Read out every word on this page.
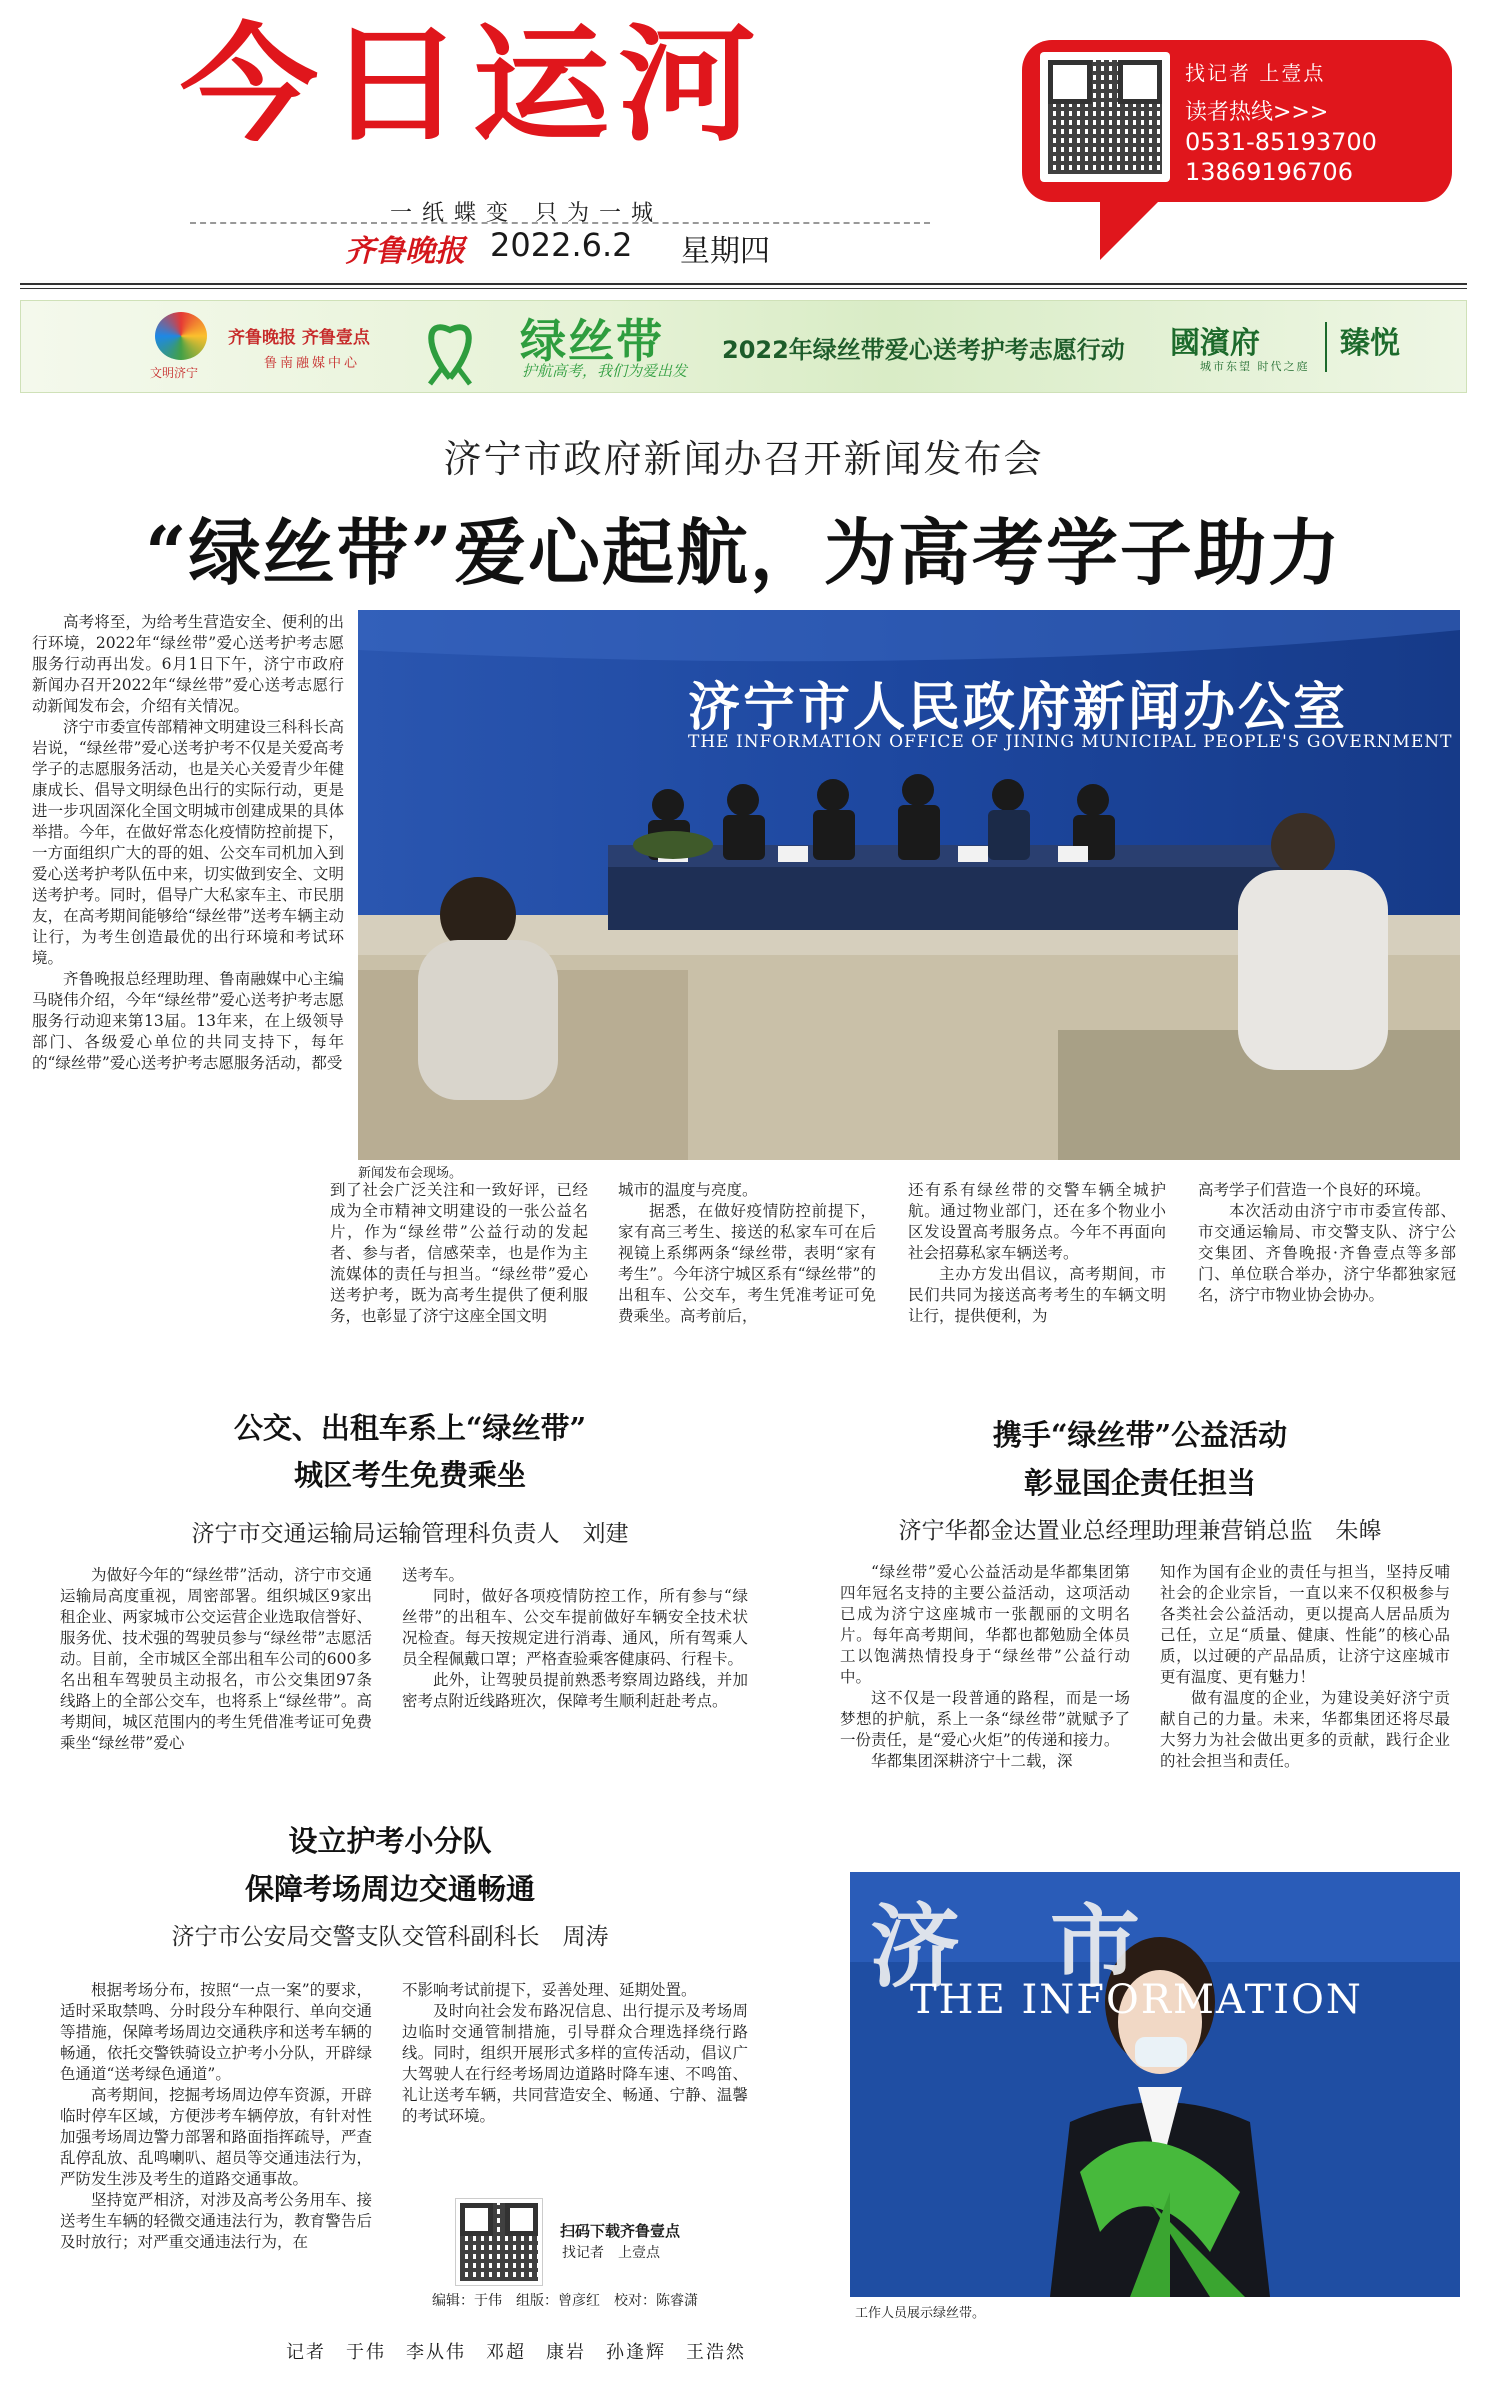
今日运河
一纸蝶变 只为一城
齐鲁晚报 2022.6.2 星期四
找记者 上壹点
读者热线>>>
0531-85193700
13869196706
文明济宁
齐鲁晚报 齐鲁壹点
鲁南融媒中心	绿丝带
护航高考，我们为爱出发
2022年绿丝带爱心送考护考志愿行动 國濱府
城市东望 时代之庭
臻悦
济宁市政府新闻办召开新闻发布会
“绿丝带”爱心起航，为高考学子助力

高考将至，为给考生营造安全、便利的出行环境，2022年“绿丝带”爱心送考护考志愿服务行动再出发。6月1日下午，济宁市政府新闻办召开2022年“绿丝带”爱心送考志愿行动新闻发布会，介绍有关情况。

济宁市委宣传部精神文明建设三科科长高岩说，“绿丝带”爱心送考护考不仅是关爱高考学子的志愿服务活动，也是关心关爱青少年健康成长、倡导文明绿色出行的实际行动，更是进一步巩固深化全国文明城市创建成果的具体举措。今年，在做好常态化疫情防控前提下，一方面组织广大的哥的姐、公交车司机加入到爱心送考护考队伍中来，切实做到安全、文明送考护考。同时，倡导广大私家车主、市民朋友，在高考期间能够给“绿丝带”送考车辆主动让行，为考生创造最优的出行环境和考试环境。

齐鲁晚报总经理助理、鲁南融媒中心主编马晓伟介绍，今年“绿丝带”爱心送考护考志愿服务行动迎来第13届。13年来，在上级领导部门、各级爱心单位的共同支持下，每年的“绿丝带”爱心送考护考志愿服务活动，都受

济宁市人民政府新闻办公室
THE INFORMATION OFFICE OF JINING MUNICIPAL PEOPLE'S GOVERNMENT
新闻发布会现场。

到了社会广泛关注和一致好评，已经成为全市精神文明建设的一张公益名片，作为“绿丝带”公益行动的发起者、参与者，信感荣幸，也是作为主流媒体的责任与担当。“绿丝带”爱心送考护考，既为高考生提供了便利服务，也彰显了济宁这座全国文明

城市的温度与亮度。

据悉，在做好疫情防控前提下，家有高三考生、接送的私家车可在后视镜上系绑两条“绿丝带，表明“家有考生”。今年济宁城区系有“绿丝带”的出租车、公交车，考生凭准考证可免费乘坐。高考前后，

还有系有绿丝带的交警车辆全城护航。通过物业部门，还在多个物业小区发设置高考服务点。今年不再面向社会招募私家车辆送考。

主办方发出倡议，高考期间，市民们共同为接送高考考生的车辆文明让行，提供便利，为

高考学子们营造一个良好的环境。

本次活动由济宁市市委宣传部、市交通运输局、市交警支队、济宁公交集团、齐鲁晚报·齐鲁壹点等多部门、单位联合举办，济宁华都独家冠名，济宁市物业协会协办。

公交、出租车系上“绿丝带”
城区考生免费乘坐
济宁市交通运输局运输管理科负责人　刘建

为做好今年的“绿丝带”活动，济宁市交通运输局高度重视，周密部署。组织城区9家出租企业、两家城市公交运营企业选取信誉好、服务优、技术强的驾驶员参与“绿丝带”志愿活动。目前，全市城区全部出租车公司的600多名出租车驾驶员主动报名，市公交集团97条线路上的全部公交车，也将系上“绿丝带”。高考期间，城区范围内的考生凭借准考证可免费乘坐“绿丝带”爱心

送考车。

同时，做好各项疫情防控工作，所有参与“绿丝带”的出租车、公交车提前做好车辆安全技术状况检查。每天按规定进行消毒、通风，所有驾乘人员全程佩戴口罩；严格查验乘客健康码、行程卡。

此外，让驾驶员提前熟悉考察周边路线，并加密考点附近线路班次，保障考生顺利赶赴考点。

设立护考小分队
保障考场周边交通畅通
济宁市公安局交警支队交管科副科长　周涛

根据考场分布，按照“一点一案”的要求，适时采取禁鸣、分时段分车种限行、单向交通等措施，保障考场周边交通秩序和送考车辆的畅通，依托交警铁骑设立护考小分队，开辟绿色通道“送考绿色通道”。

高考期间，挖掘考场周边停车资源，开辟临时停车区域，方便涉考车辆停放，有针对性加强考场周边警力部署和路面指挥疏导，严查乱停乱放、乱鸣喇叭、超员等交通违法行为，严防发生涉及考生的道路交通事故。

坚持宽严相济，对涉及高考公务用车、接送考生车辆的轻微交通违法行为，教育警告后及时放行；对严重交通违法行为，在

不影响考试前提下，妥善处理、延期处置。

及时向社会发布路况信息、出行提示及考场周边临时交通管制措施，引导群众合理选择绕行路线。同时，组织开展形式多样的宣传活动，倡议广大驾驶人在行经考场周边道路时降车速、不鸣笛、礼让送考车辆，共同营造安全、畅通、宁静、温馨的考试环境。

携手“绿丝带”公益活动
彰显国企责任担当
济宁华都金达置业总经理助理兼营销总监　朱皞

“绿丝带”爱心公益活动是华都集团第四年冠名支持的主要公益活动，这项活动已成为济宁这座城市一张靓丽的文明名片。每年高考期间，华都也都勉励全体员工以饱满热情投身于“绿丝带”公益行动中。

这不仅是一段普通的路程，而是一场梦想的护航，系上一条“绿丝带”就赋予了一份责任，是“爱心火炬”的传递和接力。

华都集团深耕济宁十二载，深

知作为国有企业的责任与担当，坚持反哺社会的企业宗旨，一直以来不仅积极参与各类社会公益活动，更以提高人居品质为己任，立足“质量、健康、性能”的核心品质，以过硬的产品品质，让济宁这座城市更有温度、更有魅力！

做有温度的企业，为建设美好济宁贡献自己的力量。未来，华都集团还将尽最大努力为社会做出更多的贡献，践行企业的社会担当和责任。

济　市
THE INFORMATION
工作人员展示绿丝带。
扫码下载齐鲁壹点
找记者　上壹点
编辑：于伟　组版：曾彦红　校对：陈睿潇
记者　于伟　李从伟　邓超　康岩　孙逢辉　王浩然
